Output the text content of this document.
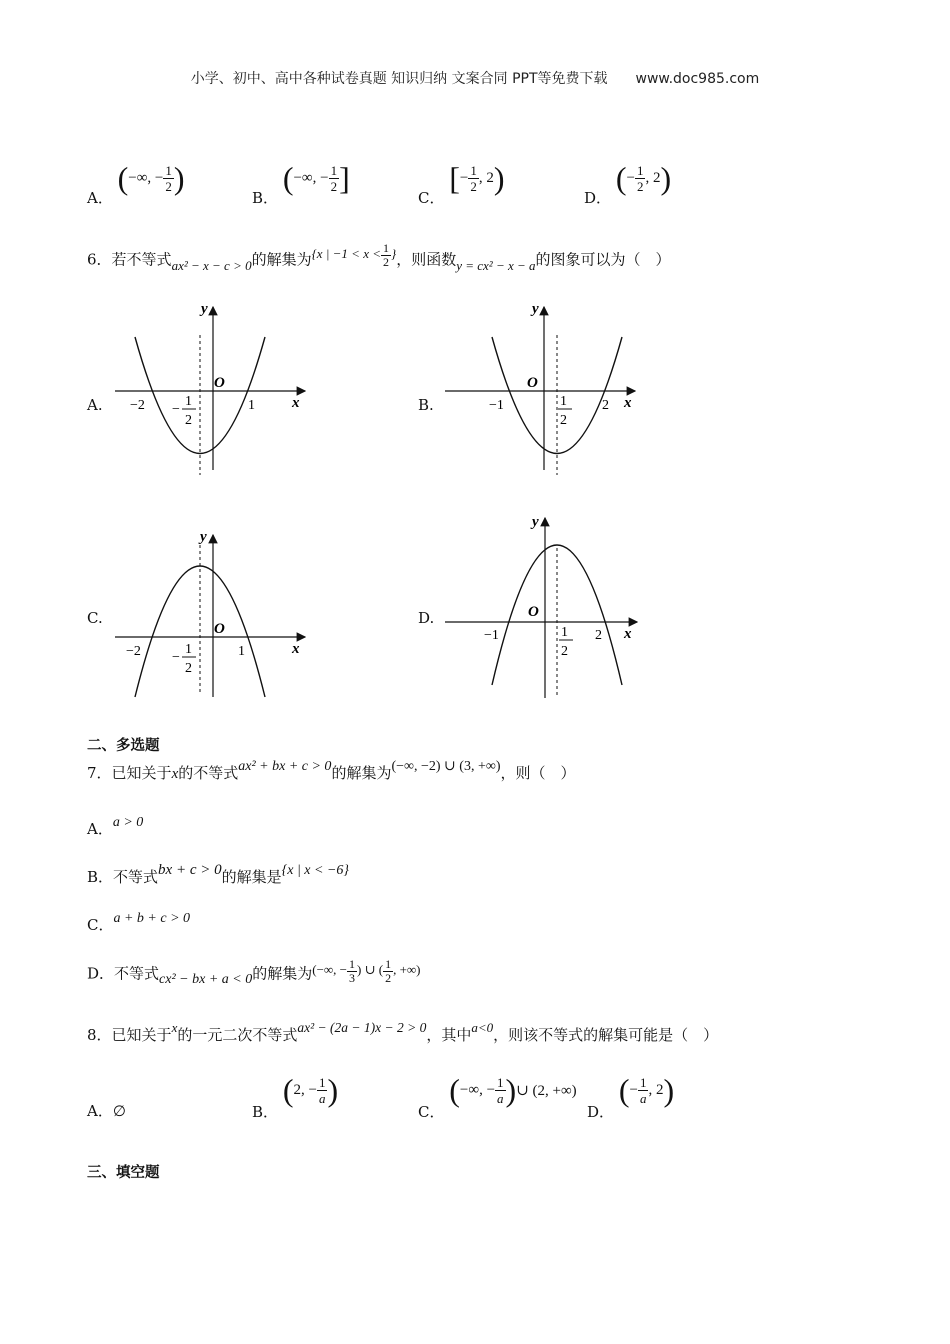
小学、初中、高中各种试卷真题 知识归纳 文案合同 PPT等免费下载 www.doc985.com
A． (−∞, − $\frac{1}{2}$ )
B． (−∞, − $\frac{1}{2}$ ]
C． [− $\frac{1}{2}$ , 2)
D． (− $\frac{1}{2}$ , 2)
6．若不等式ax² − x − c > 0的解集为{x | $-1 < x < \frac{1}{2}$ }，则函数y = cx² − x − a的图象可以为（　）
A.
y
x
O
−2	1
−
1
2
B.
y
x
O
−1	2
1
2
C.
y
x
O
−2	1
−
1
2
D.
y
x
O
−1	2
1
2
二、多选题
7．已知关于x的不等式ax² + bx + c > 0的解集为(−∞, −2) ∪ (3, +∞)，则（　）
A．a > 0
B．不等式bx + c > 0的解集是{x | x < −6}
C．a + b + c > 0
D．不等式cx² − bx + a < 0的解集为(−∞, − $\frac{1}{3}$ ) ∪ ( $\frac{1}{2}$ , +∞)
8．已知关于x的一元二次不等式ax² − (2a − 1)x − 2 > 0，其中a<0，则该不等式的解集可能是（　）
A．∅	B． (2, − $\frac{1}{a}$ )
C． (−∞, − $\frac{1}{a}$ )∪ (2, +∞)
D． (− $\frac{1}{a}$ , 2)
三、填空题
